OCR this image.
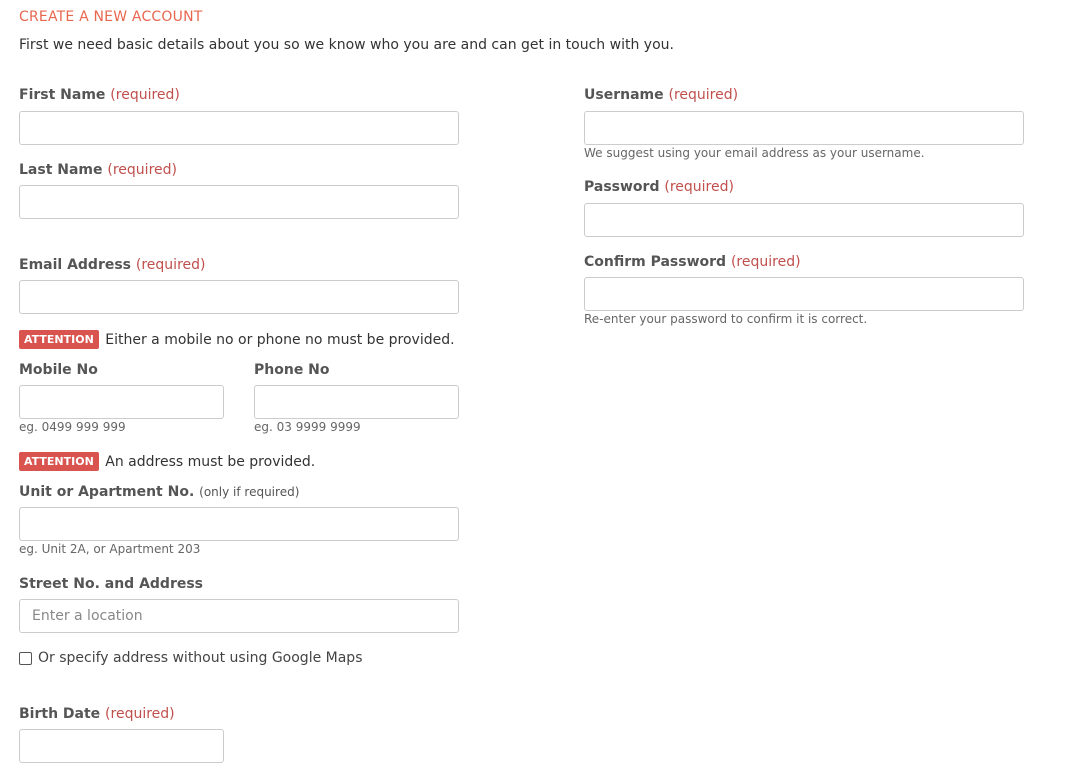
CREATE A NEW ACCOUNT
First we need basic details about you so we know who you are and can get in touch with you.
First Name (required)
Last Name (required)
Email Address (required)
ATTENTION Either a mobile no or phone no must be provided.
Mobile No
eg. 0499 999 999
Phone No
eg. 03 9999 9999
ATTENTION An address must be provided.
Unit or Apartment No. (only if required)
eg. Unit 2A, or Apartment 203
Street No. and Address
Enter a location
Or specify address without using Google Maps
Birth Date (required)
Username (required)
We suggest using your email address as your username.
Password (required)
Confirm Password (required)
Re-enter your password to confirm it is correct.
